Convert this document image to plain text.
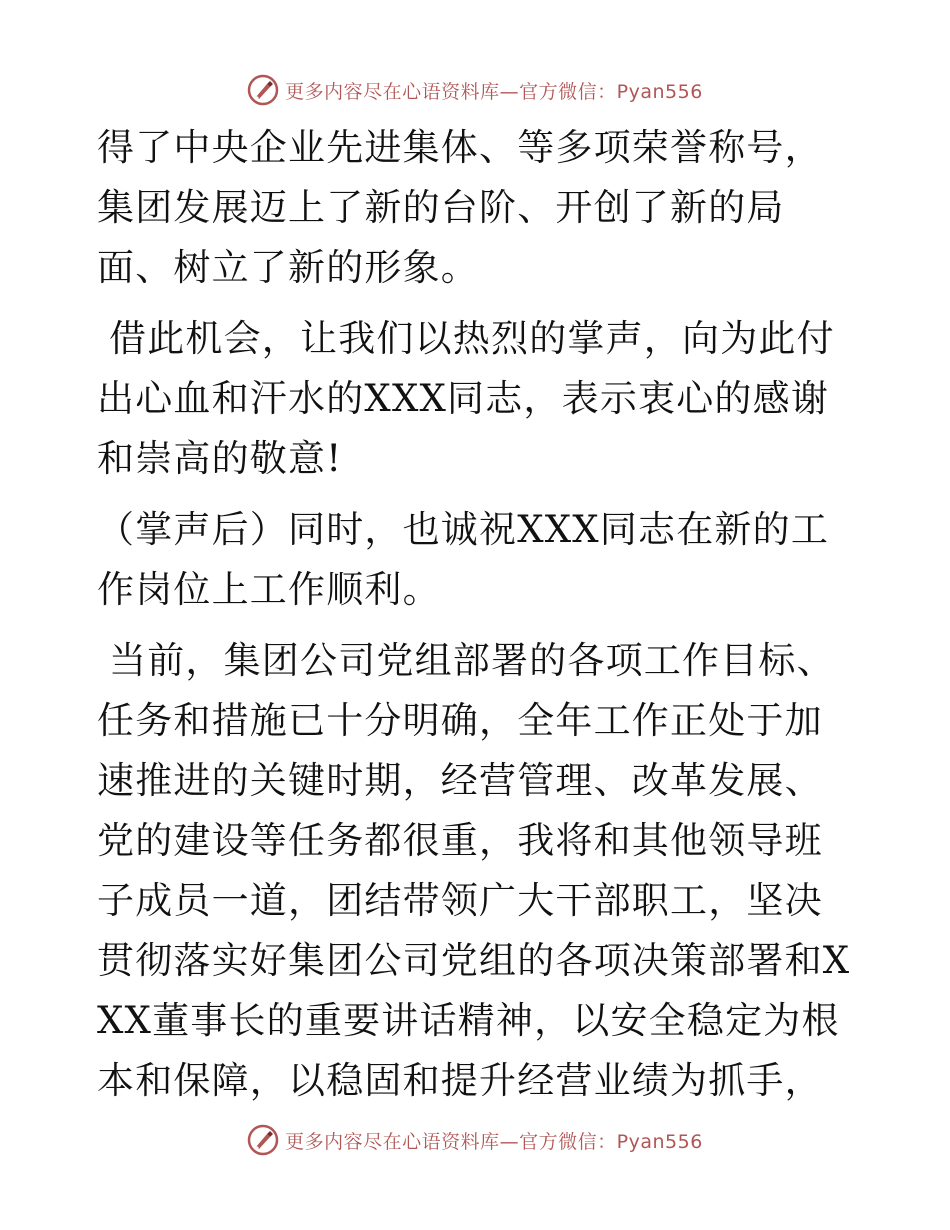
更多内容尽在心语资料库—官方微信：Pyan556

得了中央企业先进集体、等多项荣誉称号，集团发展迈上了新的台阶、开创了新的局面、树立了新的形象。

借此机会，让我们以热烈的掌声，向为此付出心血和汗水的XXX同志，表示衷心的感谢和崇高的敬意!

（掌声后）同时，也诚祝XXX同志在新的工作岗位上工作顺利。

当前，集团公司党组部署的各项工作目标、任务和措施已十分明确，全年工作正处于加速推进的关键时期，经营管理、改革发展、党的建设等任务都很重，我将和其他领导班子成员一道，团结带领广大干部职工，坚决贯彻落实好集团公司党组的各项决策部署和XXX董事长的重要讲话精神，以安全稳定为根本和保障，以稳固和提升经营业绩为抓手，

更多内容尽在心语资料库—官方微信：Pyan556
